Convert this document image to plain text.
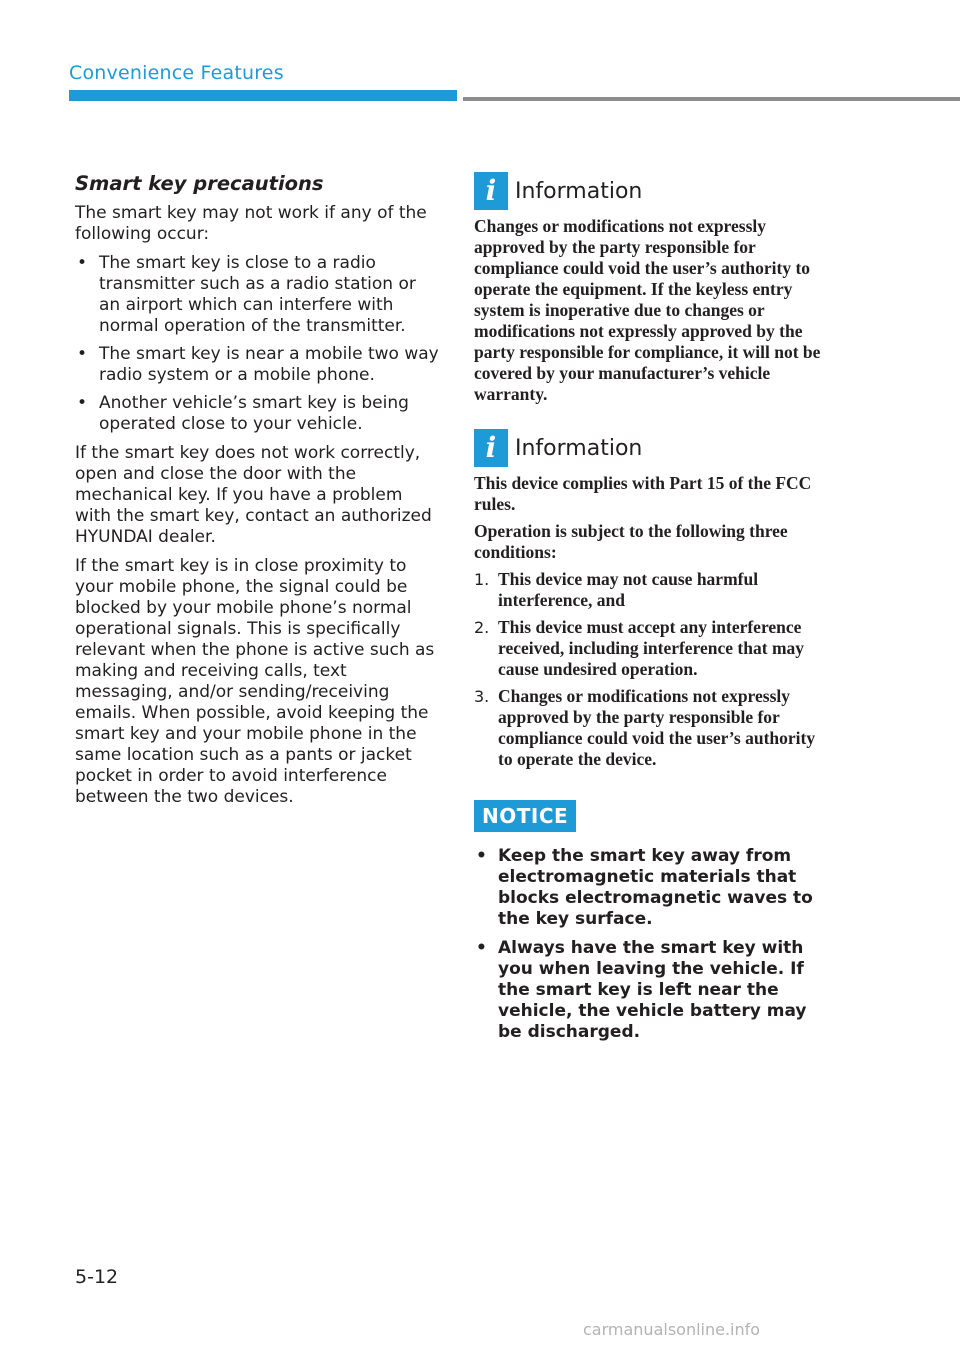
Convenience Features
Smart key precautions

The smart key may not work if any of the following occur:

• The smart key is close to a radio transmitter such as a radio station or an airport which can interfere with normal operation of the transmitter.
• The smart key is near a mobile two way radio system or a mobile phone.
• Another vehicle’s smart key is being operated close to your vehicle.

If the smart key does not work correctly, open and close the door with the mechanical key. If you have a problem with the smart key, contact an authorized HYUNDAI dealer.

If the smart key is in close proximity to your mobile phone, the signal could be blocked by your mobile phone’s normal operational signals. This is specifically relevant when the phone is active such as making and receiving calls, text messaging, and/or sending/receiving emails. When possible, avoid keeping the smart key and your mobile phone in the same location such as a pants or jacket pocket in order to avoid interference between the two devices.

i Information

Changes or modifications not expressly approved by the party responsible for compliance could void the user’s authority to operate the equipment. If the keyless entry system is inoperative due to changes or modifications not expressly approved by the party responsible for compliance, it will not be covered by your manufacturer’s vehicle warranty.

i Information

This device complies with Part 15 of the FCC rules.

Operation is subject to the following three conditions:

1. This device may not cause harmful interference, and
2. This device must accept any interference received, including interference that may cause undesired operation.
3. Changes or modifications not expressly approved by the party responsible for compliance could void the user’s authority to operate the device.
NOTICE
• Keep the smart key away from electromagnetic materials that blocks electromagnetic waves to the key surface.
• Always have the smart key with you when leaving the vehicle. If the smart key is left near the vehicle, the vehicle battery may be discharged.
5-12
carmanualsonline.info
